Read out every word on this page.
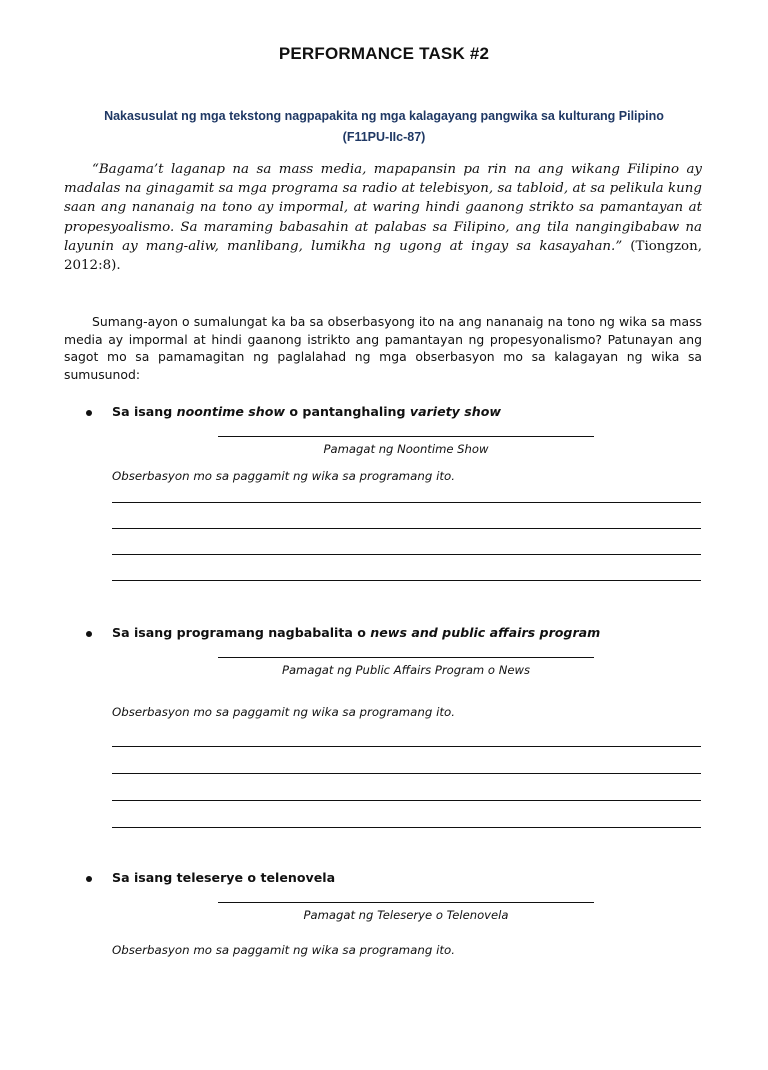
PERFORMANCE TASK #2
Nakasusulat ng mga tekstong nagpapakita ng mga kalagayang pangwika sa kulturang Pilipino
(F11PU-IIc-87)

“Bagama’t laganap na sa mass media, mapapansin pa rin na ang wikang Filipino ay madalas na ginagamit sa mga programa sa radio at telebisyon, sa tabloid, at sa pelikula kung saan ang nananaig na tono ay impormal, at waring hindi gaanong strikto sa pamantayan at propesyoalismo. Sa maraming babasahin at palabas sa Filipino, ang tila nangingibabaw na layunin ay mang-aliw, manlibang, lumikha ng ugong at ingay sa kasayahan.” (Tiongzon, 2012:8).

Sumang-ayon o sumalungat ka ba sa obserbasyong ito na ang nananaig na tono ng wika sa mass media ay impormal at hindi gaanong istrikto ang pamantayan ng propesyonalismo? Patunayan ang sagot mo sa pamamagitan ng paglalahad ng mga obserbasyon mo sa kalagayan ng wika sa sumusunod:

Sa isang noontime show o pantanghaling variety show
Pamagat ng Noontime Show
Obserbasyon mo sa paggamit ng wika sa programang ito.
Sa isang programang nagbabalita o news and public affairs program
Pamagat ng Public Affairs Program o News
Obserbasyon mo sa paggamit ng wika sa programang ito.
Sa isang teleserye o telenovela
Pamagat ng Teleserye o Telenovela
Obserbasyon mo sa paggamit ng wika sa programang ito.
